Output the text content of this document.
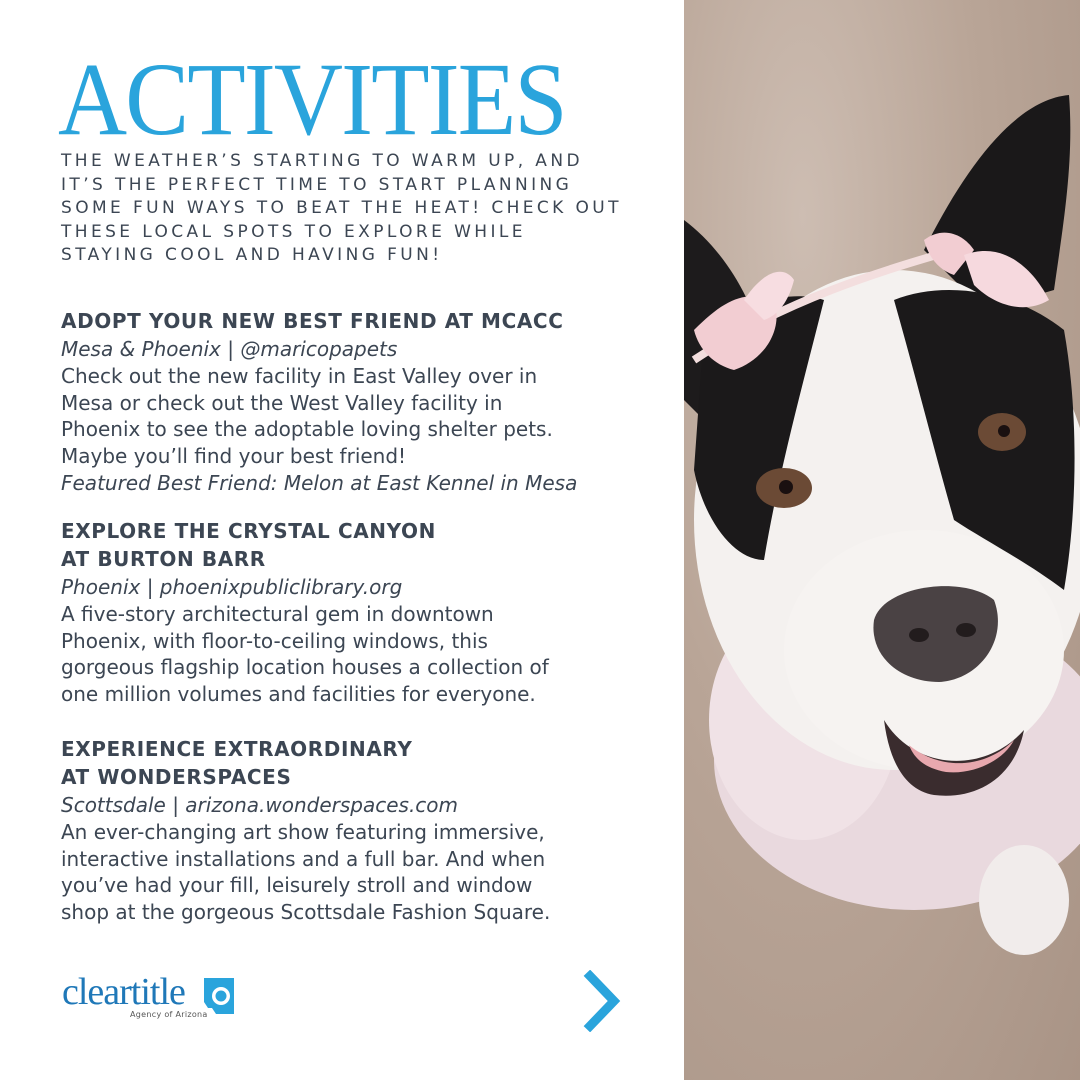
ACTIVITIES
THE WEATHER’S STARTING TO WARM UP, AND
IT’S THE PERFECT TIME TO START PLANNING
SOME FUN WAYS TO BEAT THE HEAT! CHECK OUT
THESE LOCAL SPOTS TO EXPLORE WHILE
STAYING COOL AND HAVING FUN!
ADOPT YOUR NEW BEST FRIEND AT MCACC
Mesa & Phoenix | @maricopapets
Check out the new facility in East Valley over in
Mesa or check out the West Valley facility in
Phoenix to see the adoptable loving shelter pets.
Maybe you’ll find your best friend!
Featured Best Friend: Melon at East Kennel in Mesa
EXPLORE THE CRYSTAL CANYON
AT BURTON BARR
Phoenix | phoenixpubliclibrary.org
A five-story architectural gem in downtown
Phoenix, with floor-to-ceiling windows, this
gorgeous flagship location houses a collection of
one million volumes and facilities for everyone.
EXPERIENCE EXTRAORDINARY
AT WONDERSPACES
Scottsdale | arizona.wonderspaces.com
An ever-changing art show featuring immersive,
interactive installations and a full bar. And when
you’ve had your fill, leisurely stroll and window
shop at the gorgeous Scottsdale Fashion Square.
cleartitle
Agency of Arizona
